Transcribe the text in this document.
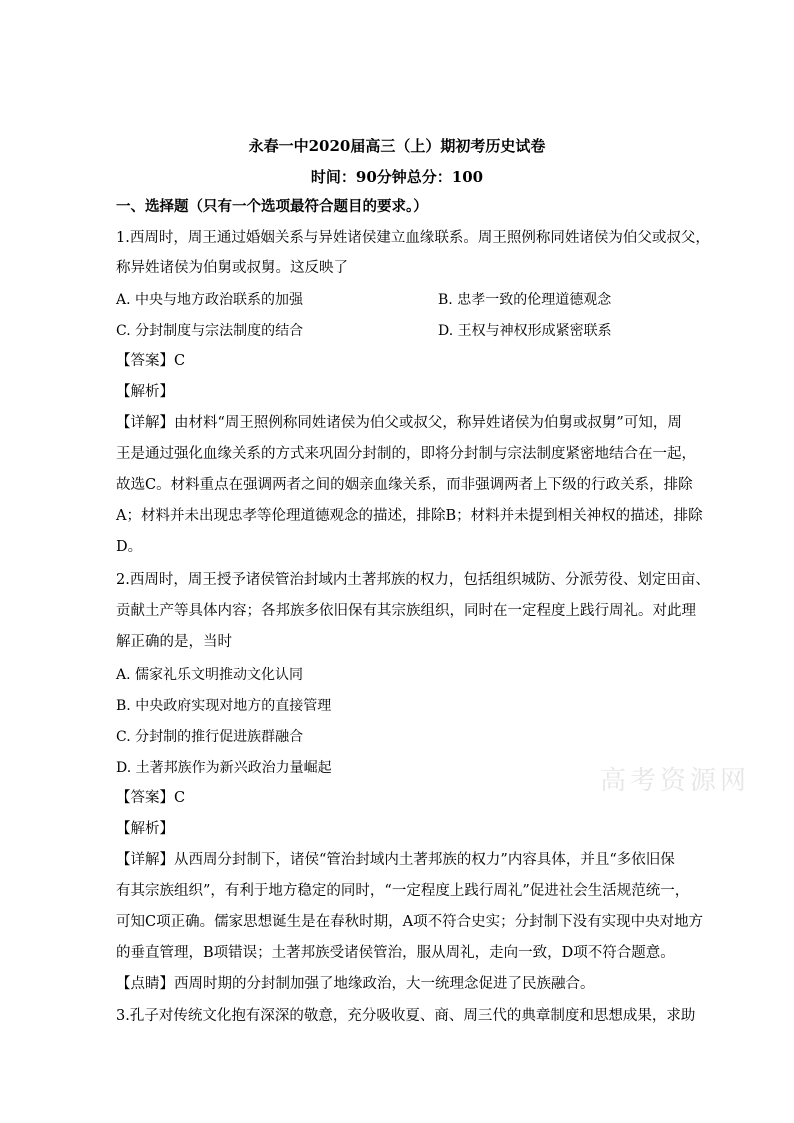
永春一中2020届高三（上）期初考历史试卷
时间：90分钟总分：100
一、选择题（只有一个选项最符合题目的要求。）
1.西周时，周王通过婚姻关系与异姓诸侯建立血缘联系。周王照例称同姓诸侯为伯父或叔父，
称异姓诸侯为伯舅或叔舅。这反映了
A. 中央与地方政治联系的加强	B. 忠孝一致的伦理道德观念
C. 分封制度与宗法制度的结合	D. 王权与神权形成紧密联系
【答案】C
【解析】
【详解】由材料“周王照例称同姓诸侯为伯父或叔父，称异姓诸侯为伯舅或叔舅”可知，周
王是通过强化血缘关系的方式来巩固分封制的，即将分封制与宗法制度紧密地结合在一起，
故选C。材料重点在强调两者之间的姻亲血缘关系，而非强调两者上下级的行政关系，排除
A；材料并未出现忠孝等伦理道德观念的描述，排除B；材料并未提到相关神权的描述，排除
D。
2.西周时，周王授予诸侯管治封域内土著邦族的权力，包括组织城防、分派劳役、划定田亩、
贡献土产等具体内容；各邦族多依旧保有其宗族组织，同时在一定程度上践行周礼。对此理
解正确的是，当时
A. 儒家礼乐文明推动文化认同
B. 中央政府实现对地方的直接管理
C. 分封制的推行促进族群融合
D. 土著邦族作为新兴政治力量崛起
【答案】C
【解析】
【详解】从西周分封制下，诸侯“管治封域内土著邦族的权力”内容具体，并且“多依旧保
有其宗族组织”，有利于地方稳定的同时，“一定程度上践行周礼”促进社会生活规范统一，
可知C项正确。儒家思想诞生是在春秋时期，A项不符合史实；分封制下没有实现中央对地方
的垂直管理，B项错误；土著邦族受诸侯管治，服从周礼，走向一致，D项不符合题意。
【点睛】西周时期的分封制加强了地缘政治，大一统理念促进了民族融合。
3.孔子对传统文化抱有深深的敬意，充分吸收夏、商、周三代的典章制度和思想成果，求助
高考资源网
